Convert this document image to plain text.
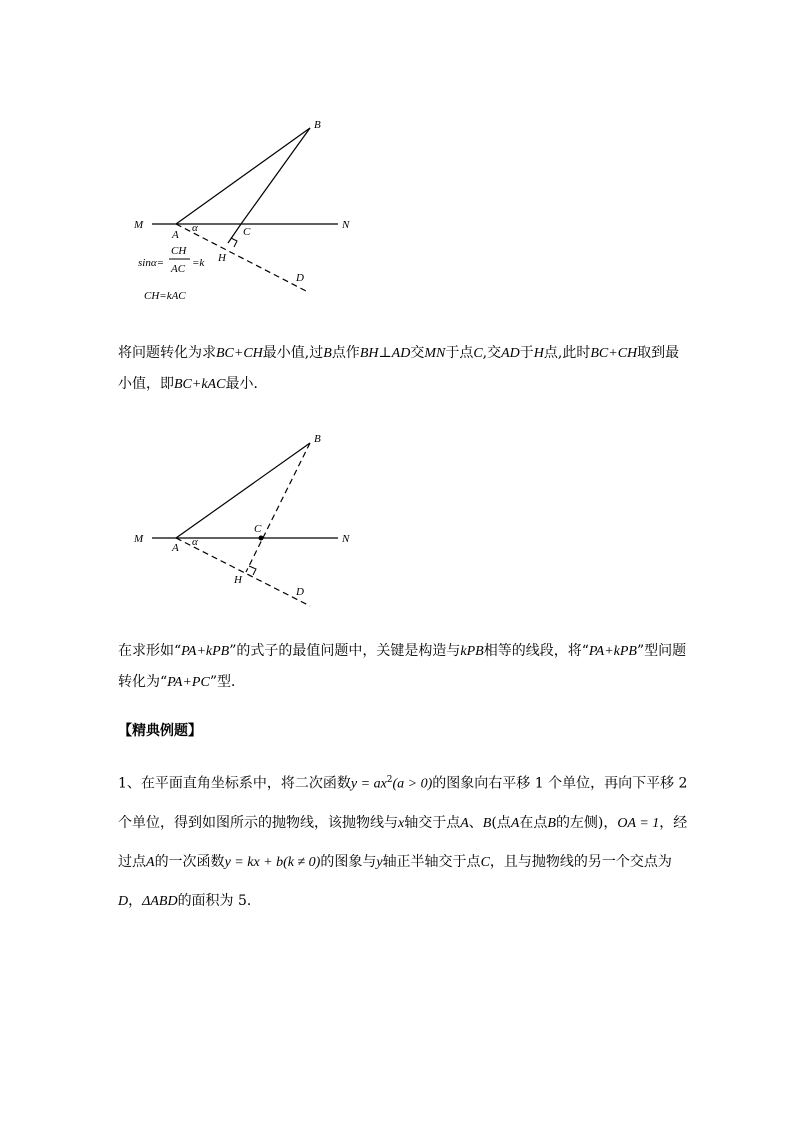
B
M	N
A
α	C
H
D
sinα=
CH
AC =k
CH=kAC

将问题转化为求BC+CH最小值,过B点作BH⊥AD交MN于点C,交AD于H点,此时BC+CH取到最小值，即BC+kAC最小．

B
M	N
A α
C
H
D

在求形如“PA+kPB”的式子的最值问题中，关键是构造与kPB相等的线段，将“PA+kPB”型问题转化为“PA+PC”型．

【精典例题】

1、在平面直角坐标系中，将二次函数$y = ax^2(a > 0)$的图象向右平移 1 个单位，再向下平移 2 个单位，得到如图所示的抛物线，该抛物线与x轴交于点A、B(点A在点B的左侧)，OA = 1，经过点A的一次函数y = kx + b(k ≠ 0)的图象与y轴正半轴交于点C，且与抛物线的另一个交点为D，ΔABD的面积为 5．
